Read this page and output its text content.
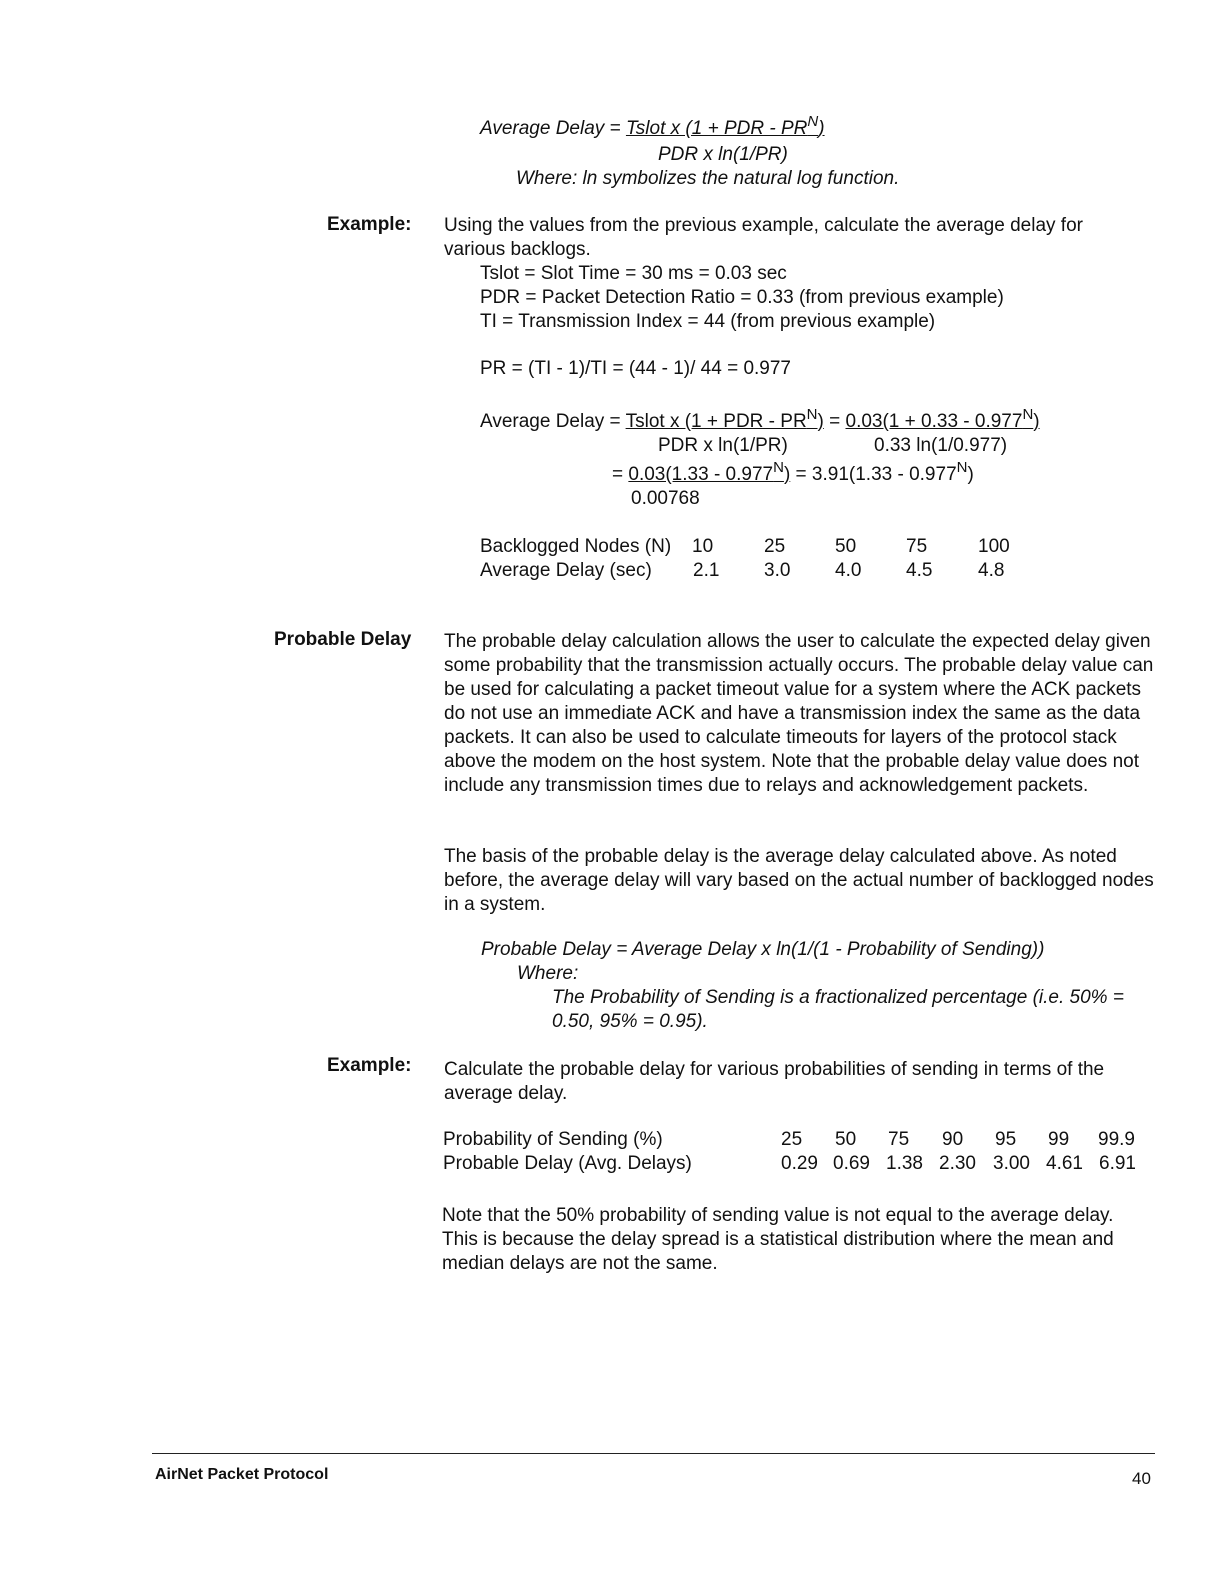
Average Delay = Tslot x (1 + PDR - $PR^N$)
PDR x ln(1/PR)
Where: ln symbolizes the natural log function.
Example: Using the values from the previous example, calculate the average delay for various backlogs.
Tslot = Slot Time = 30 ms = 0.03 sec
PDR = Packet Detection Ratio = 0.33 (from previous example)
TI = Transmission Index = 44 (from previous example)
PR = (TI - 1)/TI = (44 - 1)/ 44 = 0.977
Average Delay = Tslot x (1 + PDR - $PR^N) = 0.03(1 + 0.33 - 0.977^N)$
PDR x ln(1/PR)	0.33 ln(1/0.977)
= $0.03(1.33 - 0.977^N) = 3.91(1.33 - 0.977^N)$
0.00768
Backlogged Nodes (N) 10	25	50	75	100
Average Delay (sec) 2.1 3.0 4.0 4.5 4.8
Probable Delay The probable delay calculation allows the user to calculate the expected delay given some probability that the transmission actually occurs. The probable delay value can be used for calculating a packet timeout value for a system where the ACK packets do not use an immediate ACK and have a transmission index the same as the data packets. It can also be used to calculate timeouts for layers of the protocol stack above the modem on the host system. Note that the probable delay value does not include any transmission times due to relays and acknowledgement packets.
The basis of the probable delay is the average delay calculated above. As noted before, the average delay will vary based on the actual number of backlogged nodes in a system.
Probable Delay = Average Delay x ln(1/(1 - Probability of Sending))
Where:
The Probability of Sending is a fractionalized percentage (i.e. 50% = 0.50, 95% = 0.95).
Example: Calculate the probable delay for various probabilities of sending in terms of the average delay.
Probability of Sending (%)	25 50 75 90 95 99 99.9
Probable Delay (Avg. Delays)	0.29 0.69 1.38 2.30 3.00 4.61 6.91
Note that the 50% probability of sending value is not equal to the average delay. This is because the delay spread is a statistical distribution where the mean and median delays are not the same.
AirNet Packet Protocol	40
